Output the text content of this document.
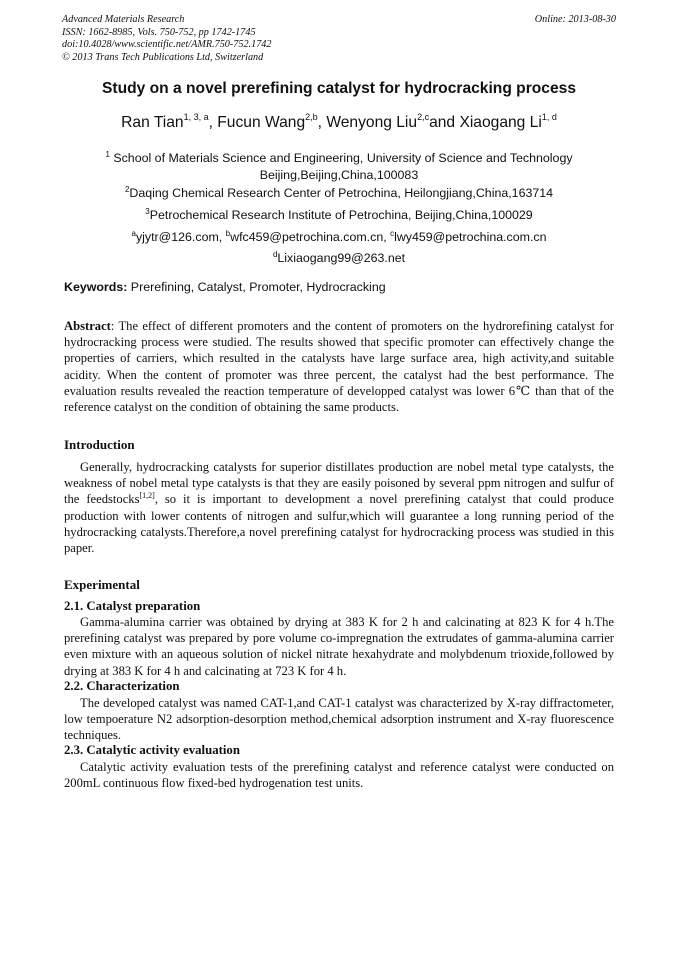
Advanced Materials Research
ISSN: 1662-8985, Vols. 750-752, pp 1742-1745
doi:10.4028/www.scientific.net/AMR.750-752.1742
© 2013 Trans Tech Publications Ltd, Switzerland
Online: 2013-08-30
Study on a novel prerefining catalyst for hydrocracking process
Ran Tian$^{1, 3, a}$, Fucun Wang$^{2,b}$, Wenyong Liu$^{2,c}$and Xiaogang Li$^{1, d}$
$^1$ School of Materials Science and Engineering, University of Science and Technology
Beijing,Beijing,China,100083
$^2$Daqing Chemical Research Center of Petrochina, Heilongjiang,China,163714
$^3$Petrochemical Research Institute of Petrochina, Beijing,China,100029
$^a$yjytr@126.com, $^b$wfc459@petrochina.com.cn, $^c$lwy459@petrochina.com.cn
$^d$Lixiaogang99@263.net
Keywords: Prerefining, Catalyst, Promoter, Hydrocracking
Abstract: The effect of different promoters and the content of promoters on the hydrorefining catalyst for hydrocracking process were studied. The results showed that specific promoter can effectively change the properties of carriers, which resulted in the catalysts have large surface area, high activity,and suitable acidity. When the content of promoter was three percent, the catalyst had the best performance. The evaluation results revealed the reaction temperature of developped catalyst was lower 6℃ than that of the reference catalyst on the condition of obtaining the same products.
Introduction
Generally, hydrocracking catalysts for superior distillates production are nobel metal type catalysts, the weakness of nobel metal type catalysts is that they are easily poisoned by several ppm nitrogen and sulfur of the feedstocks[1,2], so it is important to development a novel prerefining catalyst that could produce production with lower contents of nitrogen and sulfur,which will guarantee a long running period of the hydrocracking catalysts.Therefore,a novel prerefining catalyst for hydrocracking process was studied in this paper.
Experimental
2.1. Catalyst preparation
Gamma-alumina carrier was obtained by drying at 383 K for 2 h and calcinating at 823 K for 4 h.The prerefining catalyst was prepared by pore volume co-impregnation the extrudates of gamma-alumina carrier even mixture with an aqueous solution of nickel nitrate hexahydrate and molybdenum trioxide,followed by drying at 383 K for 4 h and calcinating at 723 K for 4 h.
2.2. Characterization
The developed catalyst was named CAT-1,and CAT-1 catalyst was characterized by X-ray diffractometer, low tempoerature N2 adsorption-desorption method,chemical adsorption instrument and X-ray fluorescence techniques.
2.3. Catalytic activity evaluation
Catalytic activity evaluation tests of the prerefining catalyst and reference catalyst were conducted on 200mL continuous flow fixed-bed hydrogenation test units.
